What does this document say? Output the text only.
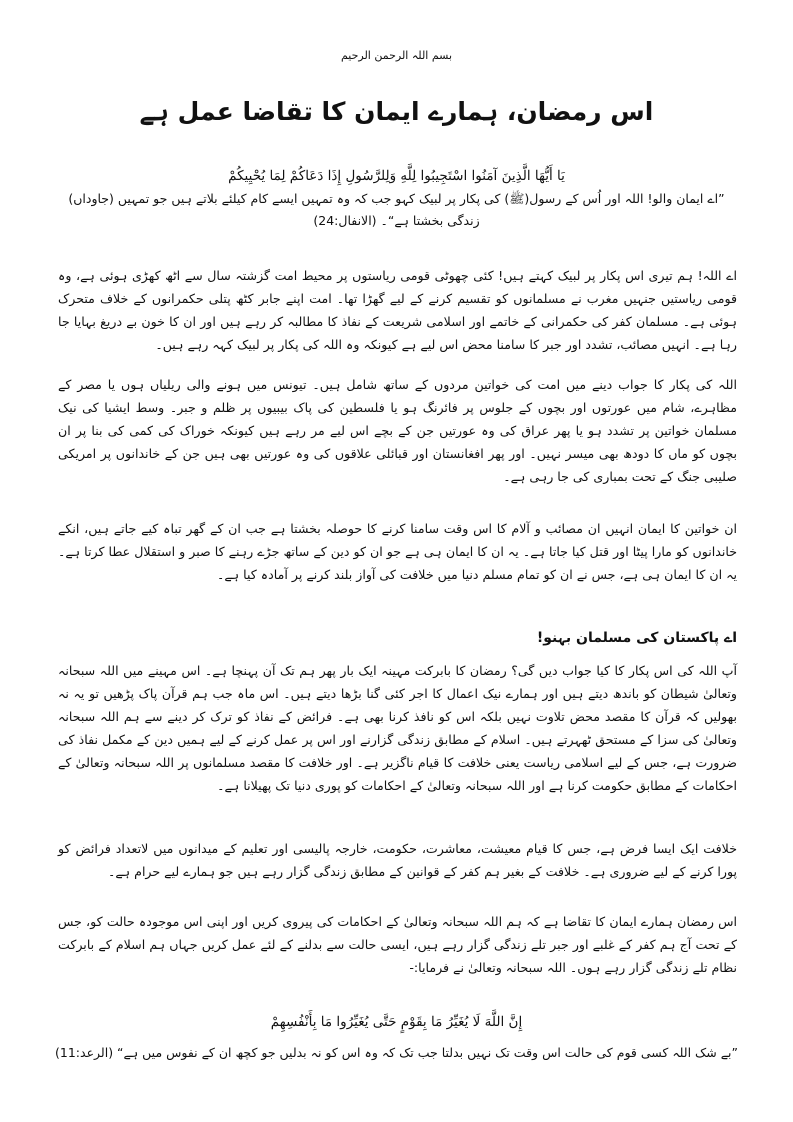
بسم اللہ الرحمن الرحیم
اس رمضان، ہمارے ایمان کا تقاضا عمل ہے
يَا أَيُّهَا الَّذِينَ آمَنُوا اسْتَجِيبُوا لِلَّهِ وَلِلرَّسُولِ إِذَا دَعَاكُمْ لِمَا يُحْيِيكُمْ
”اے ایمان والو! اللہ اور اُس کے رسول(ﷺ) کی پکار پر لبیک کہو جب کہ وہ تمہیں ایسے کام کیلئے بلاتے ہیں جو تمہیں (جاوداں) زندگی بخشتا ہے“۔ (الانفال:24)
اے اللہ! ہم تیری اس پکار پر لبیک کہتے ہیں! کئی چھوٹی قومی ریاستوں پر محیط امت گزشتہ سال سے اٹھ کھڑی ہوئی ہے، وہ قومی ریاستیں جنہیں مغرب نے مسلمانوں کو تقسیم کرنے کے لیے گھڑا تھا۔ امت اپنے جابر کٹھ پتلی حکمرانوں کے خلاف متحرک ہوئی ہے۔ مسلمان کفر کی حکمرانی کے خاتمے اور اسلامی شریعت کے نفاذ کا مطالبہ کر رہے ہیں اور ان کا خون بے دریغ بہایا جا رہا ہے۔ انہیں مصائب، تشدد اور جبر کا سامنا محض اس لیے ہے کیونکہ وہ اللہ کی پکار پر لبیک کہہ رہے ہیں۔
اللہ کی پکار کا جواب دینے میں امت کی خواتین مردوں کے ساتھ شامل ہیں۔ تیونس میں ہونے والی ریلیاں ہوں یا مصر کے مظاہرے، شام میں عورتوں اور بچوں کے جلوس پر فائرنگ ہو یا فلسطین کی پاک بیبیوں پر ظلم و جبر۔ وسط ایشیا کی نیک مسلمان خواتین پر تشدد ہو یا پھر عراق کی وہ عورتیں جن کے بچے اس لیے مر رہے ہیں کیونکہ خوراک کی کمی کی بنا پر ان بچوں کو ماں کا دودھ بھی میسر نہیں۔ اور پھر افغانستان اور قبائلی علاقوں کی وہ عورتیں بھی ہیں جن کے خاندانوں پر امریکی صلیبی جنگ کے تحت بمباری کی جا رہی ہے۔
ان خواتین کا ایمان انہیں ان مصائب و آلام کا اس وقت سامنا کرنے کا حوصلہ بخشتا ہے جب ان کے گھر تباہ کیے جاتے ہیں، انکے خاندانوں کو مارا پیٹا اور قتل کیا جاتا ہے۔ یہ ان کا ایمان ہی ہے جو ان کو دین کے ساتھ جڑے رہنے کا صبر و استقلال عطا کرتا ہے۔ یہ ان کا ایمان ہی ہے، جس نے ان کو تمام مسلم دنیا میں خلافت کی آواز بلند کرنے پر آمادہ کیا ہے۔
اے پاکستان کی مسلمان بہنو!
آپ اللہ کی اس پکار کا کیا جواب دیں گی؟ رمضان کا بابرکت مہینہ ایک بار پھر ہم تک آن پہنچا ہے۔ اس مہینے میں اللہ سبحانہ وتعالیٰ شیطان کو باندھ دیتے ہیں اور ہمارے نیک اعمال کا اجر کئی گنا بڑھا دیتے ہیں۔ اس ماہ جب ہم قرآن پاک پڑھیں تو یہ نہ بھولیں کہ قرآن کا مقصد محض تلاوت نہیں بلکہ اس کو نافذ کرنا بھی ہے۔ فرائض کے نفاذ کو ترک کر دینے سے ہم اللہ سبحانہ وتعالیٰ کی سزا کے مستحق ٹھہرتے ہیں۔ اسلام کے مطابق زندگی گزارنے اور اس پر عمل کرنے کے لیے ہمیں دین کے مکمل نفاذ کی ضرورت ہے، جس کے لیے اسلامی ریاست یعنی خلافت کا قیام ناگزیر ہے۔ اور خلافت کا مقصد مسلمانوں پر اللہ سبحانہ وتعالیٰ کے احکامات کے مطابق حکومت کرنا ہے اور اللہ سبحانہ وتعالیٰ کے احکامات کو پوری دنیا تک پھیلانا ہے۔
خلافت ایک ایسا فرض ہے، جس کا قیام معیشت، معاشرت، حکومت، خارجہ پالیسی اور تعلیم کے میدانوں میں لاتعداد فرائض کو پورا کرنے کے لیے ضروری ہے۔ خلافت کے بغیر ہم کفر کے قوانین کے مطابق زندگی گزار رہے ہیں جو ہمارے لیے حرام ہے۔
اس رمضان ہمارے ایمان کا تقاضا ہے کہ ہم اللہ سبحانہ وتعالیٰ کے احکامات کی پیروی کریں اور اپنی اس موجودہ حالت کو، جس کے تحت آج ہم کفر کے غلبے اور جبر تلے زندگی گزار رہے ہیں، ایسی حالت سے بدلنے کے لئے عمل کریں جہاں ہم اسلام کے بابرکت نظام تلے زندگی گزار رہے ہوں۔ اللہ سبحانہ وتعالیٰ نے فرمایا:-
إِنَّ اللَّهَ لَا يُغَيِّرُ مَا بِقَوْمٍ حَتَّى يُغَيِّرُوا مَا بِأَنْفُسِهِمْ
”بے شک اللہ کسی قوم کی حالت اس وقت تک نہیں بدلتا جب تک کہ وہ اس کو نہ بدلیں جو کچھ ان کے نفوس میں ہے“ (الرعد:11)
